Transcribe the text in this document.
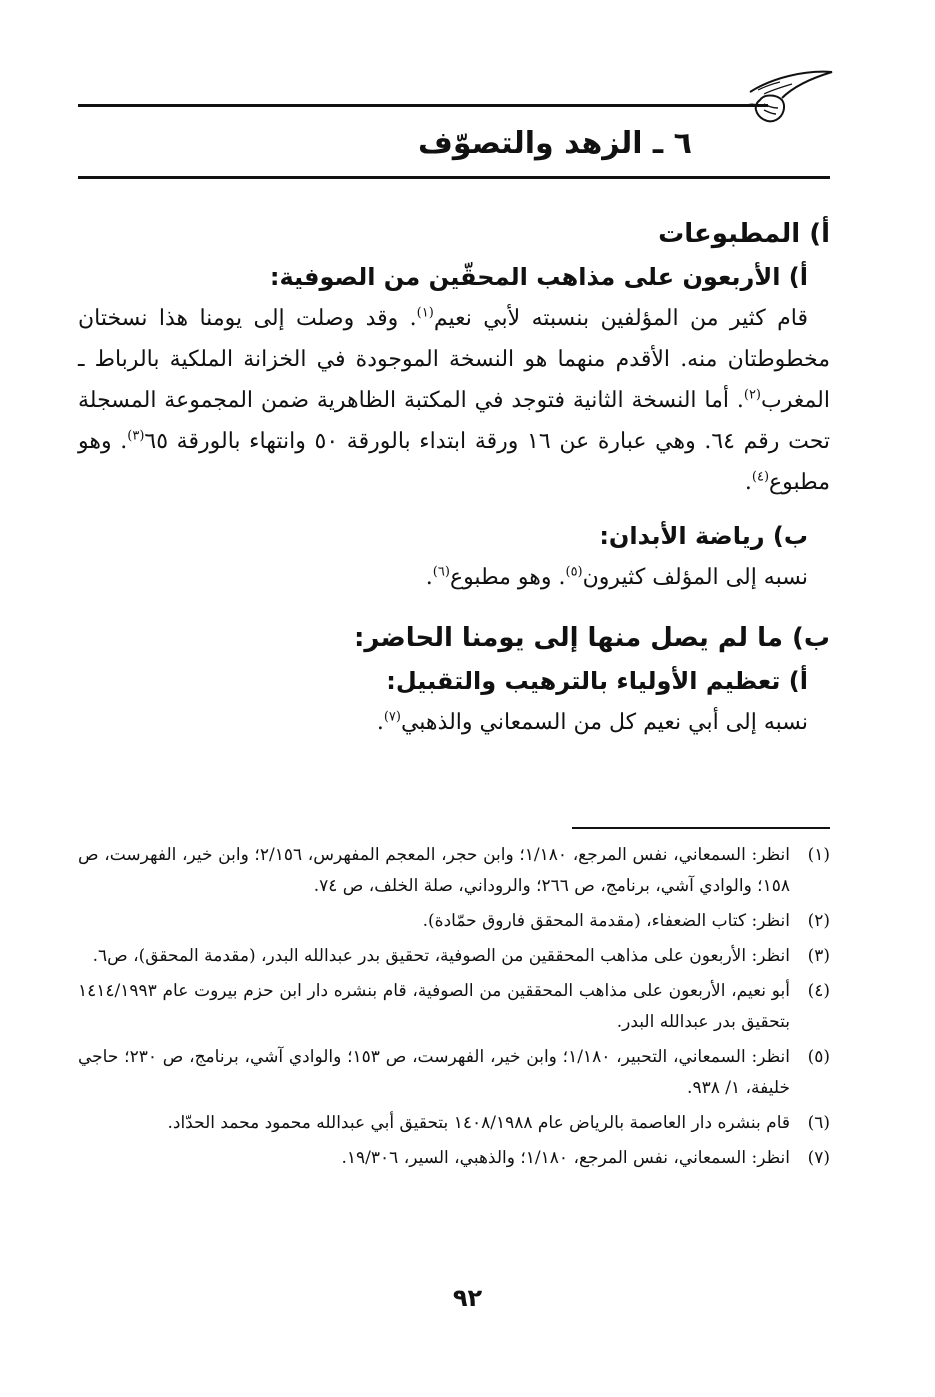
٦ ـ الزهد والتصوّف
أ) المطبوعات
أ) الأربعون على مذاهب المحقّين من الصوفية:

قام كثير من المؤلفين بنسبته لأبي نعيم$^{(١)}$. وقد وصلت إلى يومنا هذا نسختان مخطوطتان منه. الأقدم منهما هو النسخة الموجودة في الخزانة الملكية بالرباط ـ المغرب$^{(٢)}$. أما النسخة الثانية فتوجد في المكتبة الظاهرية ضمن المجموعة المسجلة تحت رقم ٦٤. وهي عبارة عن ١٦ ورقة ابتداء بالورقة ٥٠ وانتهاء بالورقة ٦٥$^{(٣)}$. وهو مطبوع$^{(٤)}$.

ب) رياضة الأبدان:

نسبه إلى المؤلف كثيرون$^{(٥)}$. وهو مطبوع$^{(٦)}$.

ب) ما لم يصل منها إلى يومنا الحاضر:
أ) تعظيم الأولياء بالترهيب والتقبيل:

نسبه إلى أبي نعيم كل من السمعاني والذهبي$^{(٧)}$.

(١)
انظر: السمعاني، نفس المرجع، ١/١٨٠؛ وابن حجر، المعجم المفهرس، ٢/١٥٦؛ وابن خير، الفهرست، ص ١٥٨؛ والوادي آشي، برنامج، ص ٢٦٦؛ والروداني، صلة الخلف، ص ٧٤.
(٢)
انظر: كتاب الضعفاء، (مقدمة المحقق فاروق حمّادة).
(٣)
انظر: الأربعون على مذاهب المحققين من الصوفية، تحقيق بدر عبدالله البدر، (مقدمة المحقق)، ص٦.
(٤)
أبو نعيم، الأربعون على مذاهب المحققين من الصوفية، قام بنشره دار ابن حزم بيروت عام ١٤١٤/١٩٩٣ بتحقيق بدر عبدالله البدر.
(٥)
انظر: السمعاني، التحبير، ١/١٨٠؛ وابن خير، الفهرست، ص ١٥٣؛ والوادي آشي، برنامج، ص ٢٣٠؛ حاجي خليفة، ١/ ٩٣٨.
(٦)
قام بنشره دار العاصمة بالرياض عام ١٤٠٨/١٩٨٨ بتحقيق أبي عبدالله محمود محمد الحدّاد.
(٧)
انظر: السمعاني، نفس المرجع، ١/١٨٠؛ والذهبي، السير، ١٩/٣٠٦.
٩٢
